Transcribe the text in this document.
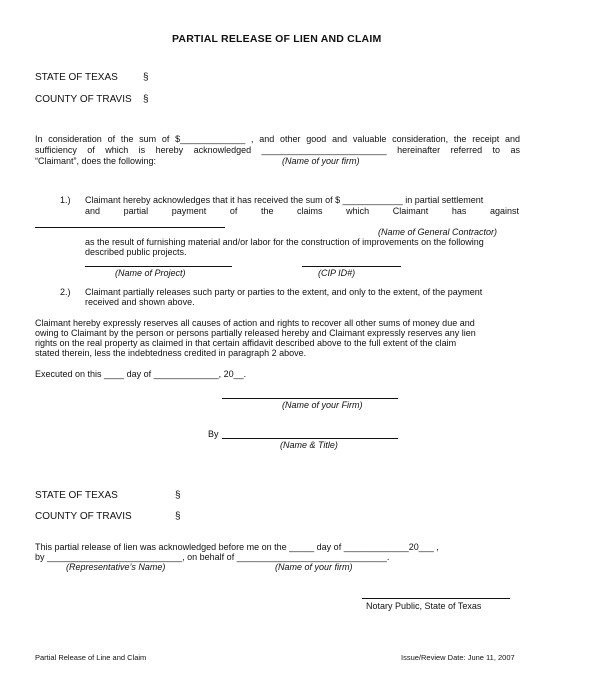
PARTIAL RELEASE OF LIEN AND CLAIM
STATE OF TEXAS	§
COUNTY OF TRAVIS §
In consideration of the sum of $_____________ , and other good and valuable consideration, the receipt and
sufficiency of which is hereby acknowledged _________________________ hereinafter referred to as
“Claimant”, does the following:	(Name of your firm)
1.) Claimant hereby acknowledges that it has received the sum of $ ____________ in partial settlement
and partial payment of the claims which Claimant has against
(Name of General Contractor)
as the result of furnishing material and/or labor for the construction of improvements on the following
described public projects.
(Name of Project)	(CIP ID#)
2.) Claimant partially releases such party or parties to the extent, and only to the extent, of the payment
received and shown above.
Claimant hereby expressly reserves all causes of action and rights to recover all other sums of money due and
owing to Claimant by the person or persons partially released hereby and Claimant expressly reserves any lien
rights on the real property as claimed in that certain affidavit described above to the full extent of the claim
stated therein, less the indebtedness credited in paragraph 2 above.
Executed on this ____ day of _____________, 20__.
(Name of your Firm)
By
(Name & Title)
STATE OF TEXAS	§
COUNTY OF TRAVIS	§
This partial release of lien was acknowledged before me on the _____ day of _____________20___ ,
by ___________________________, on behalf of ______________________________.
(Representative’s Name)	(Name of your firm)
Notary Public, State of Texas
Partial Release of Line and Claim	Issue/Review Date: June 11, 2007
